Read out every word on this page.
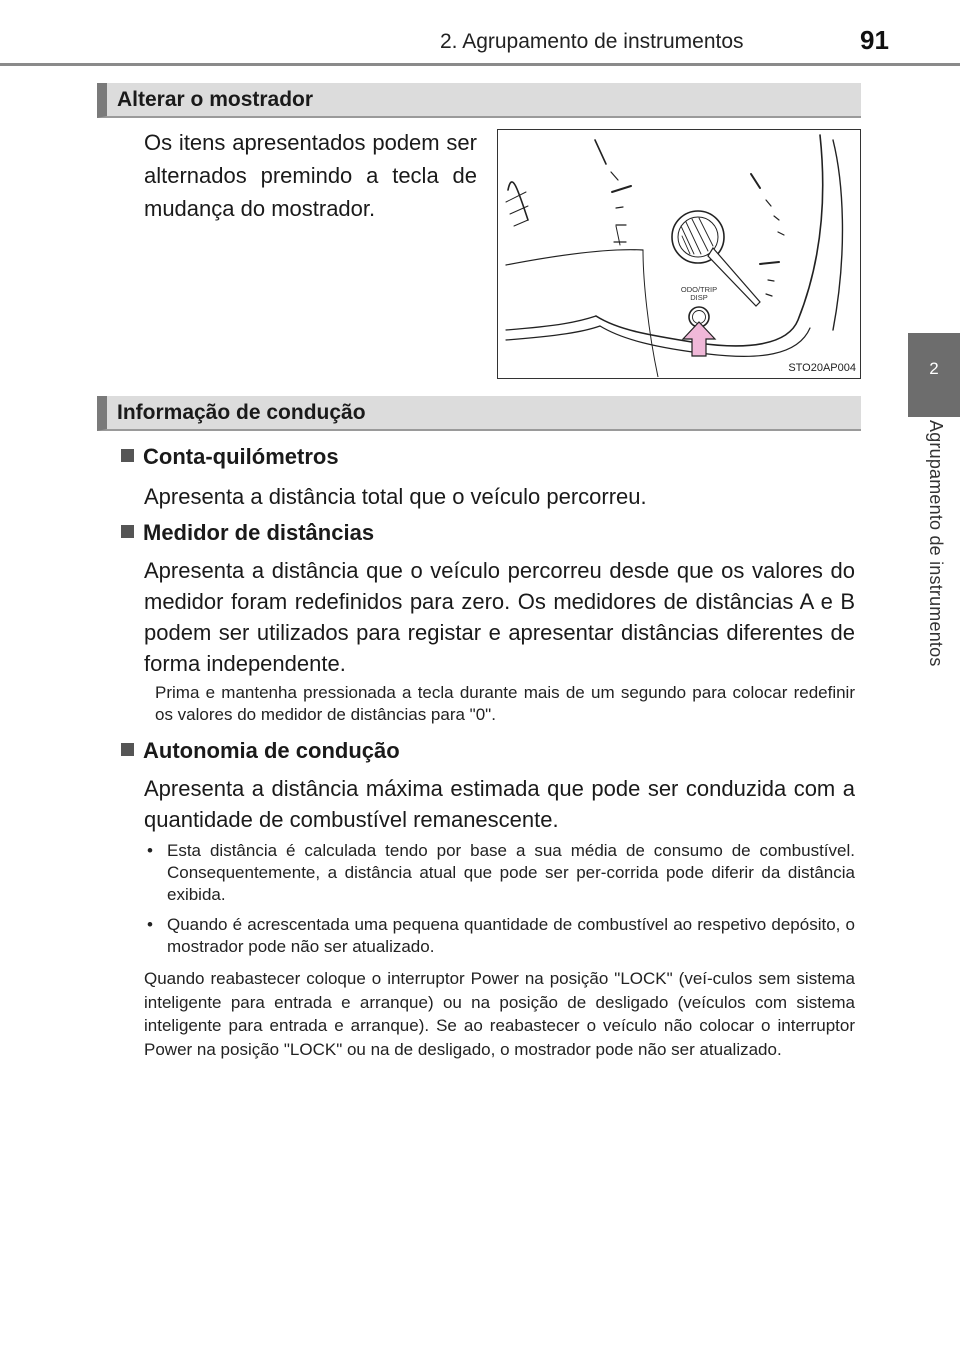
2. Agrupamento de instrumentos	91
2
Agrupamento de instrumentos
Alterar o mostrador
Os itens apresentados podem ser alternados premindo a tecla de mudança do mostrador.
ODO/TRIP
DISP
STO20AP004
Informação de condução
Conta-quilómetros
Apresenta a distância total que o veículo percorreu.
Medidor de distâncias
Apresenta a distância que o veículo percorreu desde que os valores do medidor foram redefinidos para zero. Os medidores de distâncias A e B podem ser utilizados para registar e apresentar distâncias diferentes de forma independente.
Prima e mantenha pressionada a tecla durante mais de um segundo para colocar redefinir os valores do medidor de distâncias para "0".
Autonomia de condução
Apresenta a distância máxima estimada que pode ser conduzida com a quantidade de combustível remanescente.
• Esta distância é calculada tendo por base a sua média de consumo de combustível. Consequentemente, a distância atual que pode ser per-corrida pode diferir da distância exibida.
• Quando é acrescentada uma pequena quantidade de combustível ao respetivo depósito, o mostrador pode não ser atualizado.
Quando reabastecer coloque o interruptor Power na posição "LOCK" (veí-culos sem sistema inteligente para entrada e arranque) ou na posição de desligado (veículos com sistema inteligente para entrada e arranque). Se ao reabastecer o veículo não colocar o interruptor Power na posição "LOCK" ou na de desligado, o mostrador pode não ser atualizado.
